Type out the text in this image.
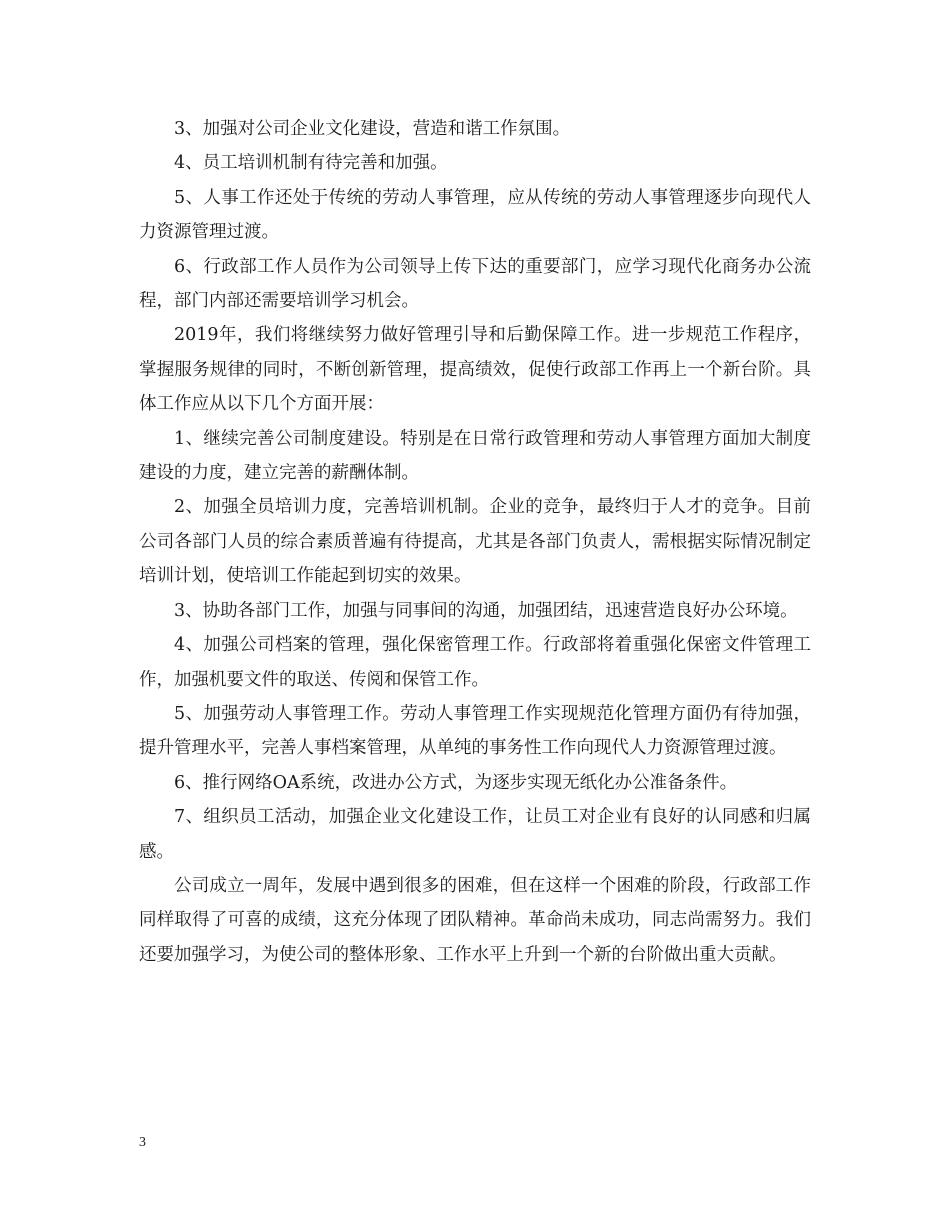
3、加强对公司企业文化建设，营造和谐工作氛围。

4、员工培训机制有待完善和加强。

5、人事工作还处于传统的劳动人事管理，应从传统的劳动人事管理逐步向现代人力资源管理过渡。

6、行政部工作人员作为公司领导上传下达的重要部门，应学习现代化商务办公流程，部门内部还需要培训学习机会。

2019年，我们将继续努力做好管理引导和后勤保障工作。进一步规范工作程序，掌握服务规律的同时，不断创新管理，提高绩效，促使行政部工作再上一个新台阶。具体工作应从以下几个方面开展：

1、继续完善公司制度建设。特别是在日常行政管理和劳动人事管理方面加大制度建设的力度，建立完善的薪酬体制。

2、加强全员培训力度，完善培训机制。企业的竞争，最终归于人才的竞争。目前公司各部门人员的综合素质普遍有待提高，尤其是各部门负责人，需根据实际情况制定培训计划，使培训工作能起到切实的效果。

3、协助各部门工作，加强与同事间的沟通，加强团结，迅速营造良好办公环境。

4、加强公司档案的管理，强化保密管理工作。行政部将着重强化保密文件管理工作，加强机要文件的取送、传阅和保管工作。

5、加强劳动人事管理工作。劳动人事管理工作实现规范化管理方面仍有待加强，提升管理水平，完善人事档案管理，从单纯的事务性工作向现代人力资源管理过渡。

6、推行网络OA系统，改进办公方式，为逐步实现无纸化办公准备条件。

7、组织员工活动，加强企业文化建设工作，让员工对企业有良好的认同感和归属感。

公司成立一周年，发展中遇到很多的困难，但在这样一个困难的阶段，行政部工作同样取得了可喜的成绩，这充分体现了团队精神。革命尚未成功，同志尚需努力。我们还要加强学习，为使公司的整体形象、工作水平上升到一个新的台阶做出重大贡献。

3
